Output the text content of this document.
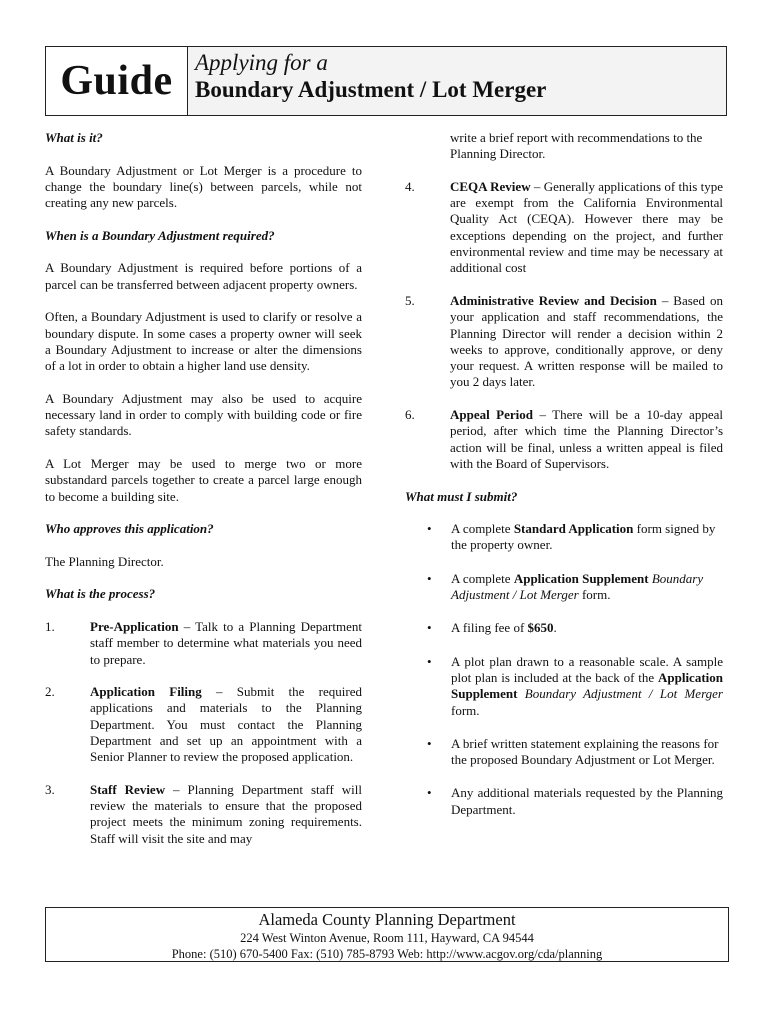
Guide Applying for a
Boundary Adjustment / Lot Merger
What is it?

A Boundary Adjustment or Lot Merger is a procedure to change the boundary line(s) between parcels, while not creating any new parcels.

When is a Boundary Adjustment required?

A Boundary Adjustment is required before portions of a parcel can be transferred between adjacent property owners.

Often, a Boundary Adjustment is used to clarify or resolve a boundary dispute. In some cases a property owner will seek a Boundary Adjustment to increase or alter the dimensions of a lot in order to obtain a higher land use density.

A Boundary Adjustment may also be used to acquire necessary land in order to comply with building code or fire safety standards.

A Lot Merger may be used to merge two or more substandard parcels together to create a parcel large enough to become a building site.

Who approves this application?

The Planning Director.

What is the process?
1.	Pre-Application – Talk to a Planning Department staff member to determine what materials you need to prepare.
2.	Application Filing – Submit the required applications and materials to the Planning Department. You must contact the Planning Department and set up an appointment with a Senior Planner to review the proposed application.
3.	Staff Review – Planning Department staff will review the materials to ensure that the proposed project meets the minimum zoning requirements. Staff will visit the site and may
write a brief report with recommendations to the Planning Director.
4.	CEQA Review – Generally applications of this type are exempt from the California Environmental Quality Act (CEQA). However there may be exceptions depending on the project, and further environmental review and time may be necessary at additional cost
5.	Administrative Review and Decision – Based on your application and staff recommendations, the Planning Director will render a decision within 2 weeks to approve, conditionally approve, or deny your request. A written response will be mailed to you 2 days later.
6.	Appeal Period – There will be a 10-day appeal period, after which time the Planning Director’s action will be final, unless a written appeal is filed with the Board of Supervisors.
What must I submit?
•	A complete Standard Application form signed by the property owner.
•	A complete Application Supplement Boundary Adjustment / Lot Merger form.
•	A filing fee of $650.
•	A plot plan drawn to a reasonable scale. A sample plot plan is included at the back of the Application Supplement Boundary Adjustment / Lot Merger form.
•	A brief written statement explaining the reasons for the proposed Boundary Adjustment or Lot Merger.
•	Any additional materials requested by the Planning Department.
Alameda County Planning Department
224 West Winton Avenue, Room 111, Hayward, CA 94544
Phone: (510) 670-5400 Fax: (510) 785-8793 Web: http://www.acgov.org/cda/planning
